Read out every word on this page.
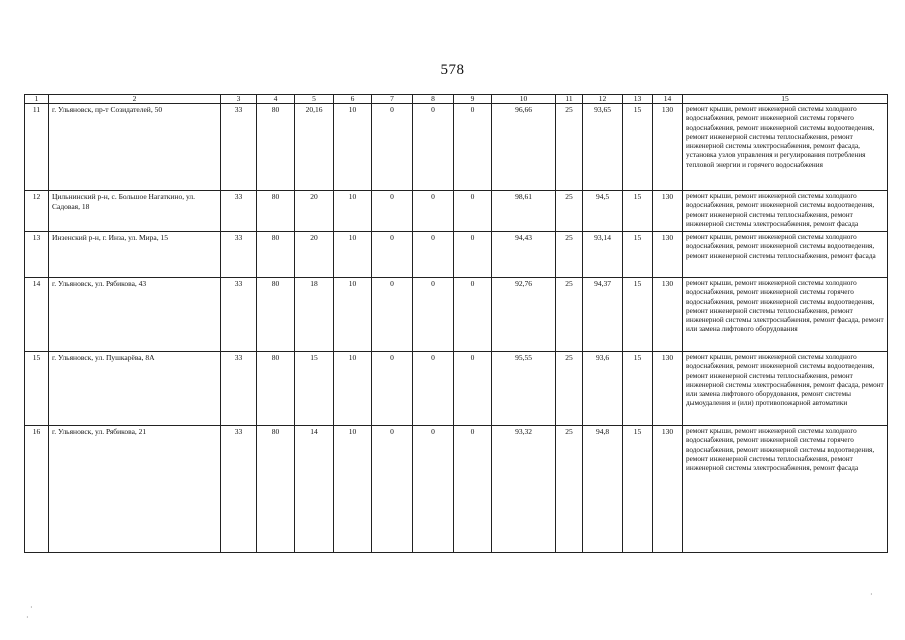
578
1	2	3	4	5	6	7	8	9	10	11	12	13	14	15
11	г. Ульяновск, пр-т Созидателей, 50	33	80	20,16	10	0	0	0	96,66	25	93,65	15	130	ремонт крыши, ремонт инженерной системы холодного водоснабжения, ремонт инженерной системы горячего водоснабжения, ремонт инженерной системы водоотведения, ремонт инженерной системы теплоснабжения, ремонт инженерной системы электроснабжения, ремонт фасада, установка узлов управления и регулирования потребления тепловой энергии и горячего водоснабжения
12	Цильнинский р-н, с. Большое Нагаткино, ул. Садовая, 18	33	80	20	10	0	0	0	98,61	25	94,5	15	130	ремонт крыши, ремонт инженерной системы холодного водоснабжения, ремонт инженерной системы водоотведения, ремонт инженерной системы теплоснабжения, ремонт инженерной системы электроснабжения, ремонт фасада
13	Инзенский р-н, г. Инза, ул. Мира, 15	33	80	20	10	0	0	0	94,43	25	93,14	15	130	ремонт крыши, ремонт инженерной системы холодного водоснабжения, ремонт инженерной системы водоотведения, ремонт инженерной системы теплоснабжения, ремонт фасада
14	г. Ульяновск, ул. Рябикова, 43	33	80	18	10	0	0	0	92,76	25	94,37	15	130	ремонт крыши, ремонт инженерной системы холодного водоснабжения, ремонт инженерной системы горячего водоснабжения, ремонт инженерной системы водоотведения, ремонт инженерной системы теплоснабжения, ремонт инженерной системы электроснабжения, ремонт фасада, ремонт или замена лифтового оборудования
15	г. Ульяновск, ул. Пушкарёва, 8А	33	80	15	10	0	0	0	95,55	25	93,6	15	130	ремонт крыши, ремонт инженерной системы холодного водоснабжения, ремонт инженерной системы водоотведения, ремонт инженерной системы теплоснабжения, ремонт инженерной системы электроснабжения, ремонт фасада, ремонт или замена лифтового оборудования, ремонт системы дымоудаления и (или) противопожарной автоматики
16	г. Ульяновск, ул. Рябикова, 21	33	80	14	10	0	0	0	93,32	25	94,8	15	130	ремонт крыши, ремонт инженерной системы холодного водоснабжения, ремонт инженерной системы горячего водоснабжения, ремонт инженерной системы водоотведения, ремонт инженерной системы теплоснабжения, ремонт инженерной системы электроснабжения, ремонт фасада
·
·
·
